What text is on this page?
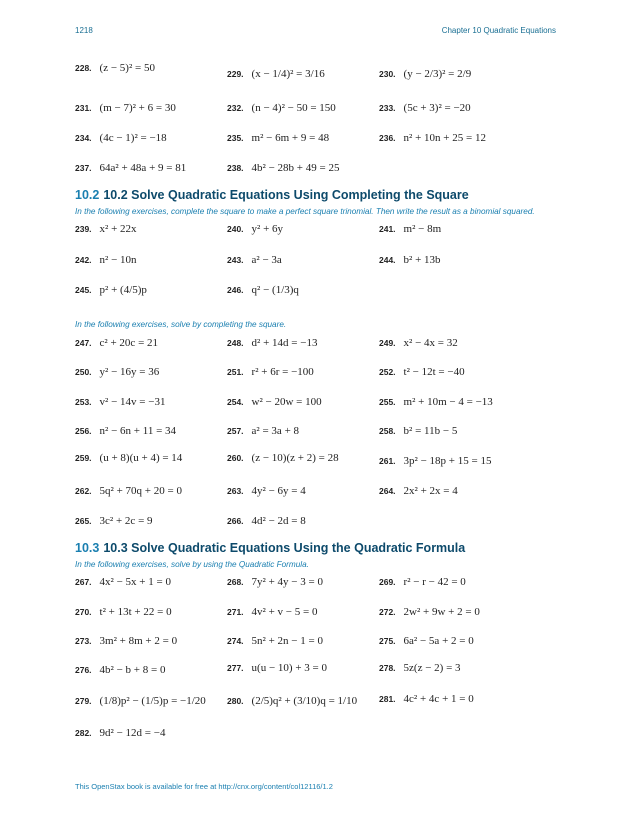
1218	Chapter 10 Quadratic Equations
228. (z − 5)² = 50	229. (x − 1/4)² = 3/16	230. (y − 2/3)² = 2/9
231. (m − 7)² + 6 = 30	232. (n − 4)² − 50 = 150	233. (5c + 3)² = −20
234. (4c − 1)² = −18	235. m² − 6m + 9 = 48	236. n² + 10n + 25 = 12
237. 64a² + 48a + 9 = 81	238. 4b² − 28b + 49 = 25
10.2 10.2 Solve Quadratic Equations Using Completing the Square
In the following exercises, complete the square to make a perfect square trinomial. Then write the result as a binomial squared.
239. x² + 22x	240. y² + 6y	241. m² − 8m
242. n² − 10n	243. a² − 3a	244. b² + 13b
245. p² + (4/5)p	246. q² − (1/3)q
In the following exercises, solve by completing the square.
247. c² + 20c = 21	248. d² + 14d = −13	249. x² − 4x = 32
250. y² − 16y = 36	251. r² + 6r = −100	252. t² − 12t = −40
253. v² − 14v = −31	254. w² − 20w = 100	255. m² + 10m − 4 = −13
256. n² − 6n + 11 = 34	257. a² = 3a + 8	258. b² = 11b − 5
259. (u + 8)(u + 4) = 14	260. (z − 10)(z + 2) = 28	261. 3p² − 18p + 15 = 15
262. 5q² + 70q + 20 = 0	263. 4y² − 6y = 4	264. 2x² + 2x = 4
265. 3c² + 2c = 9	266. 4d² − 2d = 8
10.3 10.3 Solve Quadratic Equations Using the Quadratic Formula
In the following exercises, solve by using the Quadratic Formula.
267. 4x² − 5x + 1 = 0	268. 7y² + 4y − 3 = 0	269. r² − r − 42 = 0
270. t² + 13t + 22 = 0	271. 4v² + v − 5 = 0	272. 2w² + 9w + 2 = 0
273. 3m² + 8m + 2 = 0	274. 5n² + 2n − 1 = 0	275. 6a² − 5a + 2 = 0
276. 4b² − b + 8 = 0	277. u(u − 10) + 3 = 0	278. 5z(z − 2) = 3
279. (1/8)p² − (1/5)p = −1/20 280. (2/5)q² + (3/10)q = 1/10	281. 4c² + 4c + 1 = 0
282. 9d² − 12d = −4
This OpenStax book is available for free at http://cnx.org/content/col12116/1.2
